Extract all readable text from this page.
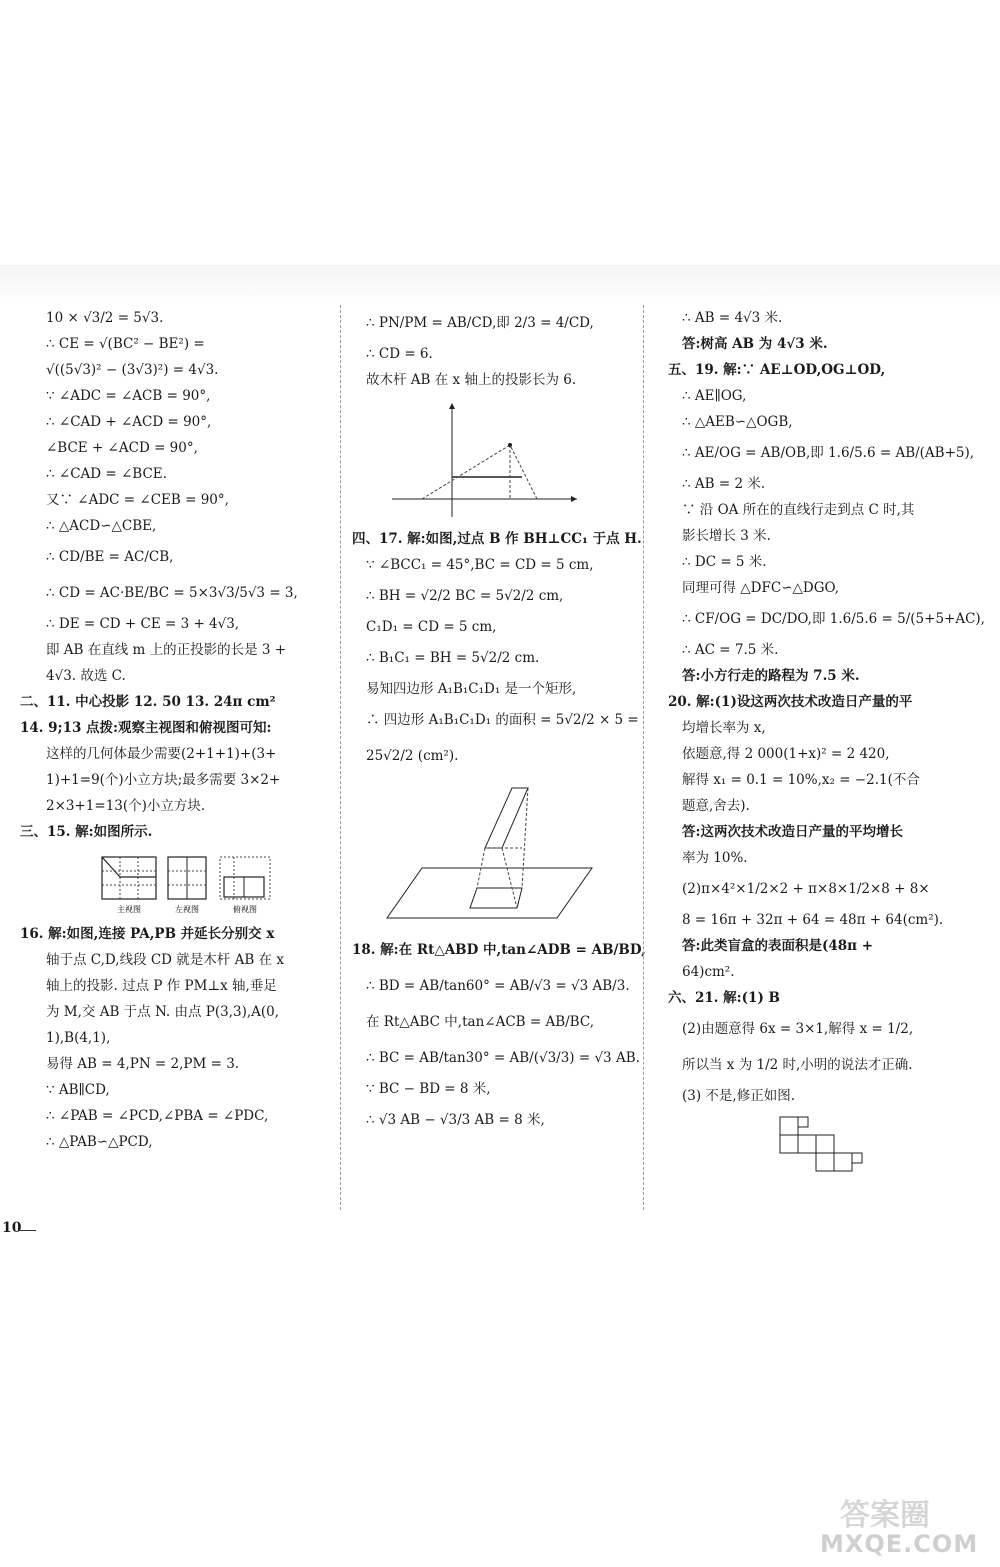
10 × √3/2 = 5√3.
∴ CE = √(BC² − BE²) =
√((5√3)² − (3√3)²) = 4√3.
∵ ∠ADC = ∠ACB = 90°,
∴ ∠CAD + ∠ACD = 90°,
∠BCE + ∠ACD = 90°,
∴ ∠CAD = ∠BCE.
又∵ ∠ADC = ∠CEB = 90°,
∴ △ACD∽△CBE,
∴ CD/BE = AC/CB,
∴ CD = AC·BE/BC = 5×3√3/5√3 = 3,
∴ DE = CD + CE = 3 + 4√3,
即 AB 在直线 m 上的正投影的长是 3 +
4√3. 故选 C.
二、11. 中心投影 12. 50 13. 24π cm²
14. 9;13 点拨:观察主视图和俯视图可知:
这样的几何体最少需要(2+1+1)+(3+
1)+1=9(个)小立方块;最多需要 3×2+
2×3+1=13(个)小立方块.
三、15. 解:如图所示.
主视图	左视图	俯视图
16. 解:如图,连接 PA,PB 并延长分别交 x
轴于点 C,D,线段 CD 就是木杆 AB 在 x
轴上的投影. 过点 P 作 PM⊥x 轴,垂足
为 M,交 AB 于点 N. 由点 P(3,3),A(0,
1),B(4,1),
易得 AB = 4,PN = 2,PM = 3.
∵ AB∥CD,
∴ ∠PAB = ∠PCD,∠PBA = ∠PDC,
∴ △PAB∽△PCD,
∴ PN/PM = AB/CD,即 2/3 = 4/CD,
∴ CD = 6.
故木杆 AB 在 x 轴上的投影长为 6.
四、17. 解:如图,过点 B 作 BH⊥CC₁ 于点 H.
∵ ∠BCC₁ = 45°,BC = CD = 5 cm,
∴ BH = √2/2 BC = 5√2/2 cm,
C₁D₁ = CD = 5 cm,
∴ B₁C₁ = BH = 5√2/2 cm.
易知四边形 A₁B₁C₁D₁ 是一个矩形,
∴ 四边形 A₁B₁C₁D₁ 的面积 = 5√2/2 × 5 =
25√2/2 (cm²).
18. 解:在 Rt△ABD 中,tan∠ADB = AB/BD,
∴ BD = AB/tan60° = AB/√3 = √3 AB/3.
在 Rt△ABC 中,tan∠ACB = AB/BC,
∴ BC = AB/tan30° = AB/(√3/3) = √3 AB.
∵ BC − BD = 8 米,
∴ √3 AB − √3/3 AB = 8 米,
∴ AB = 4√3 米.
答:树高 AB 为 4√3 米.
五、19. 解:∵ AE⊥OD,OG⊥OD,
∴ AE∥OG,
∴ △AEB∽△OGB,
∴ AE/OG = AB/OB,即 1.6/5.6 = AB/(AB+5),
∴ AB = 2 米.
∵ 沿 OA 所在的直线行走到点 C 时,其
影长增长 3 米.
∴ DC = 5 米.
同理可得 △DFC∽△DGO,
∴ CF/OG = DC/DO,即 1.6/5.6 = 5/(5+5+AC),
∴ AC = 7.5 米.
答:小方行走的路程为 7.5 米.
20. 解:(1)设这两次技术改造日产量的平
均增长率为 x,
依题意,得 2 000(1+x)² = 2 420,
解得 x₁ = 0.1 = 10%,x₂ = −2.1(不合
题意,舍去).
答:这两次技术改造日产量的平均增长
率为 10%.
(2)π×4²×1/2×2 + π×8×1/2×8 + 8×
8 = 16π + 32π + 64 = 48π + 64(cm²).
答:此类盲盒的表面积是(48π +
64)cm².
六、21. 解:(1) B
(2)由题意得 6x = 3×1,解得 x = 1/2,
所以当 x 为 1/2 时,小明的说法才正确.
(3) 不是,修正如图.
10
答案圈
MXQE.COM
